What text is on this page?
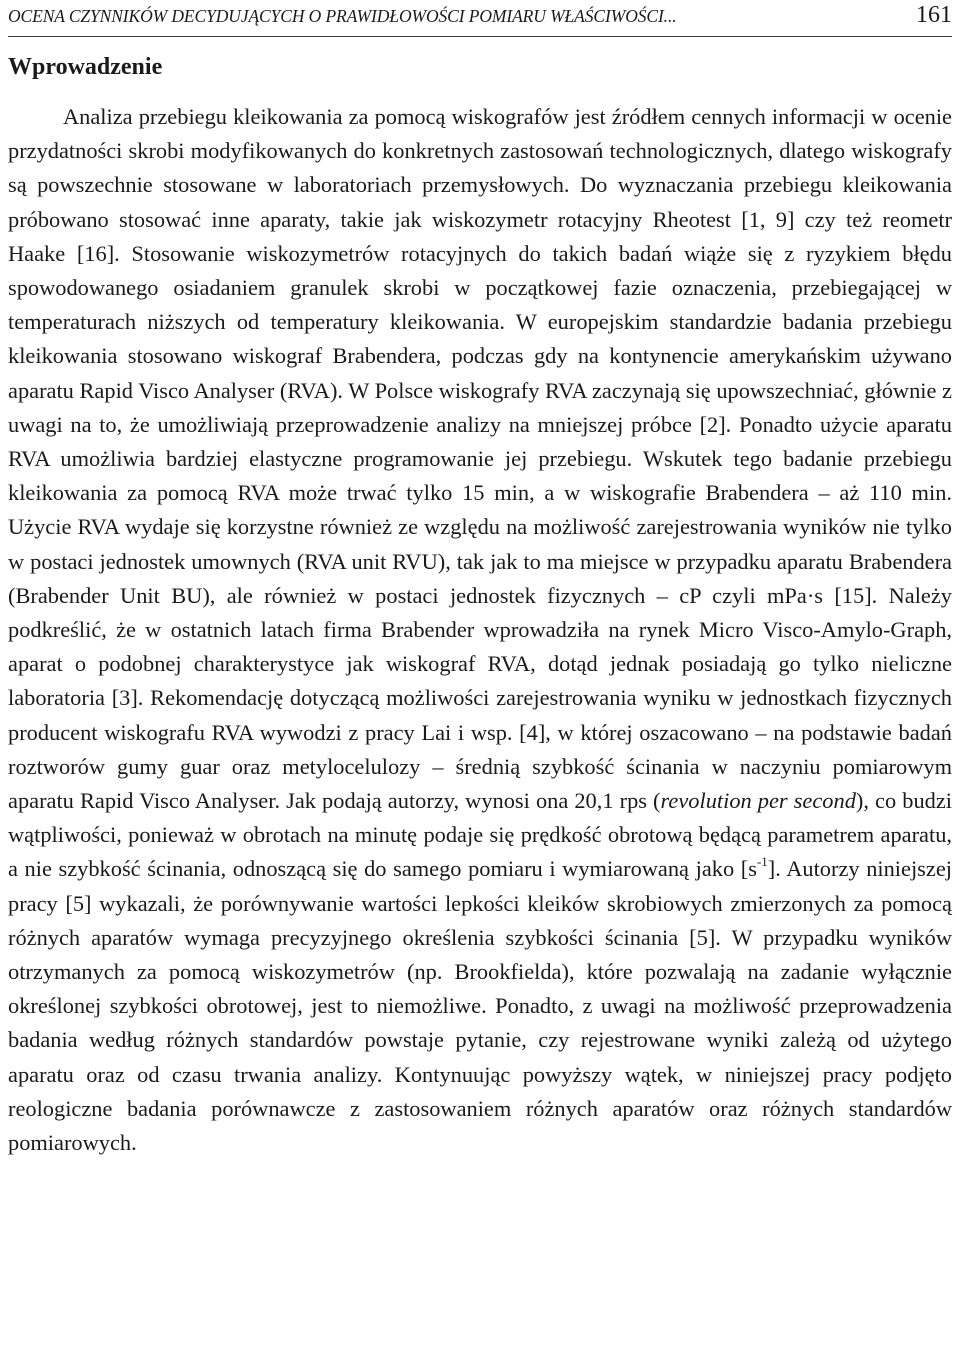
OCENA CZYNNIKÓW DECYDUJĄCYCH O PRAWIDŁOWOŚCI POMIARU WŁAŚCIWOŚCI...	161
Wprowadzenie

Analiza przebiegu kleikowania za pomocą wiskografów jest źródłem cennych informacji w ocenie przydatności skrobi modyfikowanych do konkretnych zastosowań technologicznych, dlatego wiskografy są powszechnie stosowane w laboratoriach przemysłowych. Do wyznaczania przebiegu kleikowania próbowano stosować inne aparaty, takie jak wiskozymetr rotacyjny Rheotest [1, 9] czy też reometr Haake [16]. Stosowanie wiskozymetrów rotacyjnych do takich badań wiąże się z ryzykiem błędu spowodowanego osiadaniem granulek skrobi w początkowej fazie oznaczenia, przebiegającej w temperaturach niższych od temperatury kleikowania. W europejskim standardzie badania przebiegu kleikowania stosowano wiskograf Brabendera, podczas gdy na kontynencie amerykańskim używano aparatu Rapid Visco Analyser (RVA). W Polsce wiskografy RVA zaczynają się upowszechniać, głównie z uwagi na to, że umożliwiają przeprowadzenie analizy na mniejszej próbce [2]. Ponadto użycie aparatu RVA umożliwia bardziej elastyczne programowanie jej przebiegu. Wskutek tego badanie przebiegu kleikowania za pomocą RVA może trwać tylko 15 min, a w wiskografie Brabendera – aż 110 min. Użycie RVA wydaje się korzystne również ze względu na możliwość zarejestrowania wyników nie tylko w postaci jednostek umownych (RVA unit RVU), tak jak to ma miejsce w przypadku aparatu Brabendera (Brabender Unit BU), ale również w postaci jednostek fizycznych – cP czyli mPa·s [15]. Należy podkreślić, że w ostatnich latach firma Brabender wprowadziła na rynek Micro Visco-Amylo-Graph, aparat o podobnej charakterystyce jak wiskograf RVA, dotąd jednak posiadają go tylko nieliczne laboratoria [3]. Rekomendację dotyczącą możliwości zarejestrowania wyniku w jednostkach fizycznych producent wiskografu RVA wywodzi z pracy Lai i wsp. [4], w której oszacowano – na podstawie badań roztworów gumy guar oraz metylocelulozy – średnią szybkość ścinania w naczyniu pomiarowym aparatu Rapid Visco Analyser. Jak podają autorzy, wynosi ona 20,1 rps (revolution per second), co budzi wątpliwości, ponieważ w obrotach na minutę podaje się prędkość obrotową będącą parametrem aparatu, a nie szybkość ścinania, odnoszącą się do samego pomiaru i wymiarowaną jako $[s^{-1}]$. Autorzy niniejszej pracy [5] wykazali, że porównywanie wartości lepkości kleików skrobiowych zmierzonych za pomocą różnych aparatów wymaga precyzyjnego określenia szybkości ścinania [5]. W przypadku wyników otrzymanych za pomocą wiskozymetrów (np. Brookfielda), które pozwalają na zadanie wyłącznie określonej szybkości obrotowej, jest to niemożliwe. Ponadto, z uwagi na możliwość przeprowadzenia badania według różnych standardów powstaje pytanie, czy rejestrowane wyniki zależą od użytego aparatu oraz od czasu trwania analizy. Kontynuując powyższy wątek, w niniejszej pracy podjęto reologiczne badania porównawcze z zastosowaniem różnych aparatów oraz różnych standardów pomiarowych.
